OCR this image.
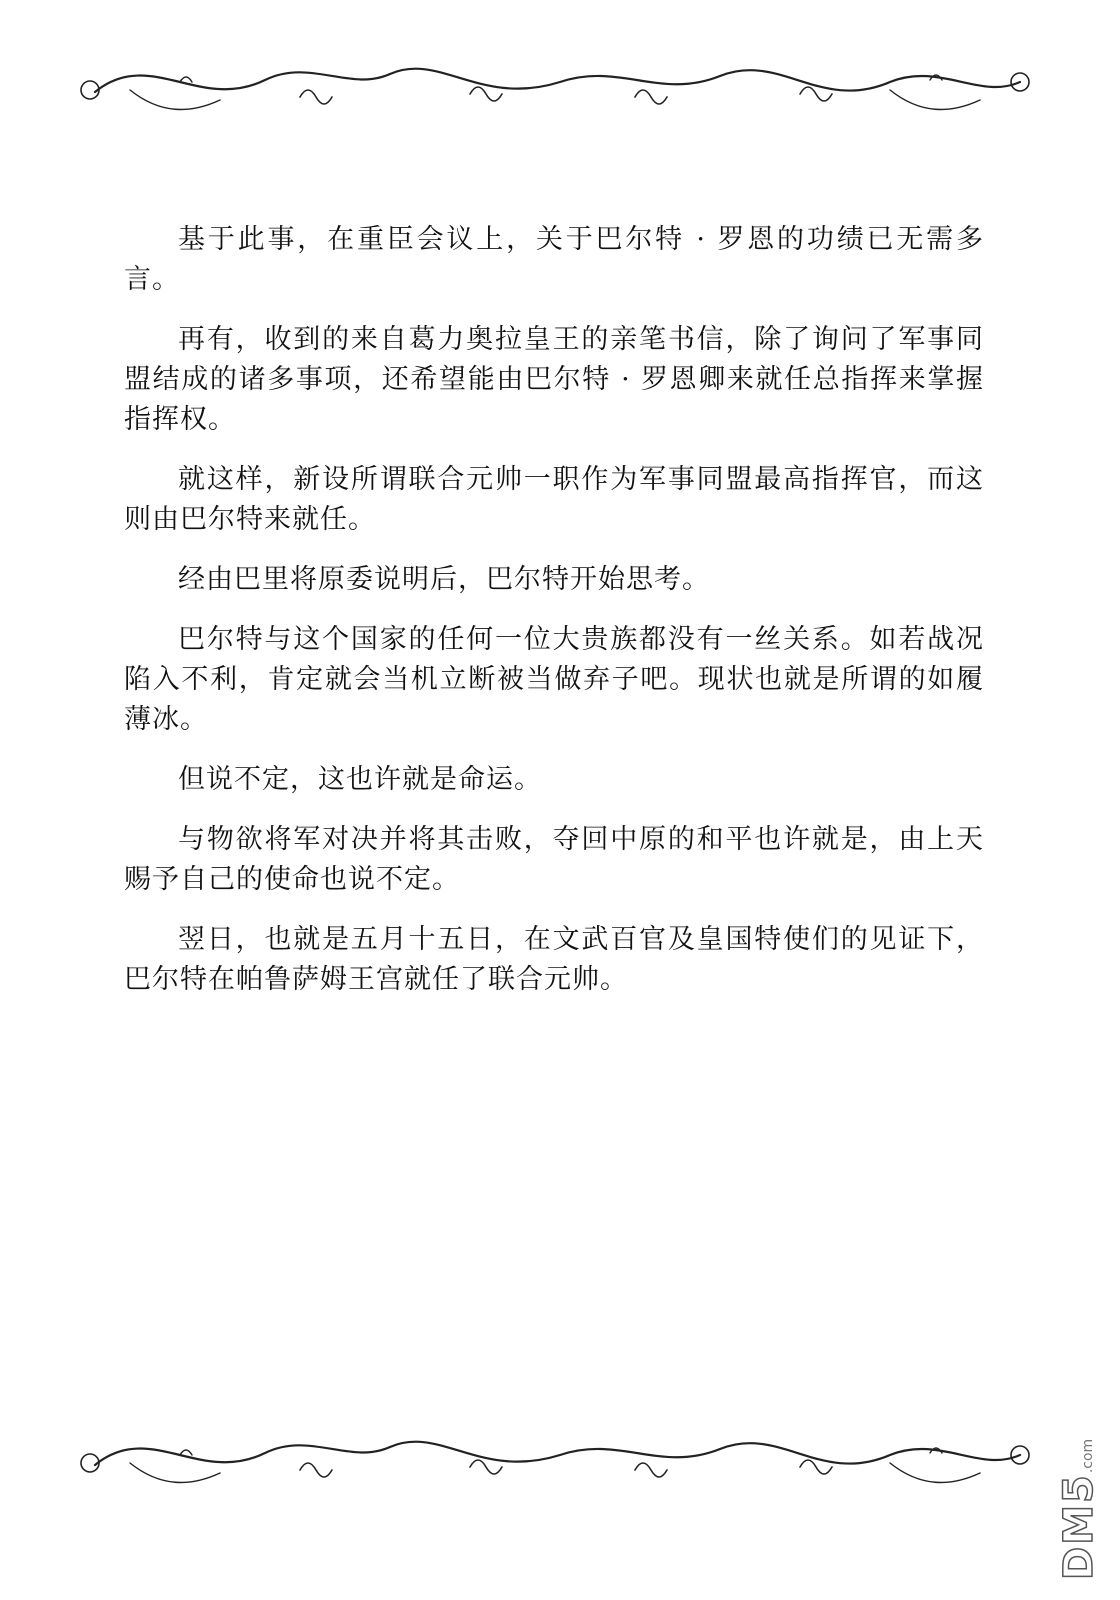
基于此事，在重臣会议上，关于巴尔特 · 罗恩的功绩已无需多言。

再有，收到的来自葛力奥拉皇王的亲笔书信，除了询问了军事同盟结成的诸多事项，还希望能由巴尔特 · 罗恩卿来就任总指挥来掌握指挥权。

就这样，新设所谓联合元帅一职作为军事同盟最高指挥官，而这则由巴尔特来就任。

经由巴里将原委说明后，巴尔特开始思考。

巴尔特与这个国家的任何一位大贵族都没有一丝关系。如若战况陷入不利，肯定就会当机立断被当做弃子吧。现状也就是所谓的如履薄冰。

但说不定，这也许就是命运。

与物欲将军对决并将其击败，夺回中原的和平也许就是，由上天赐予自己的使命也说不定。

翌日，也就是五月十五日，在文武百官及皇国特使们的见证下，巴尔特在帕鲁萨姆王宫就任了联合元帅。

DM5.com
